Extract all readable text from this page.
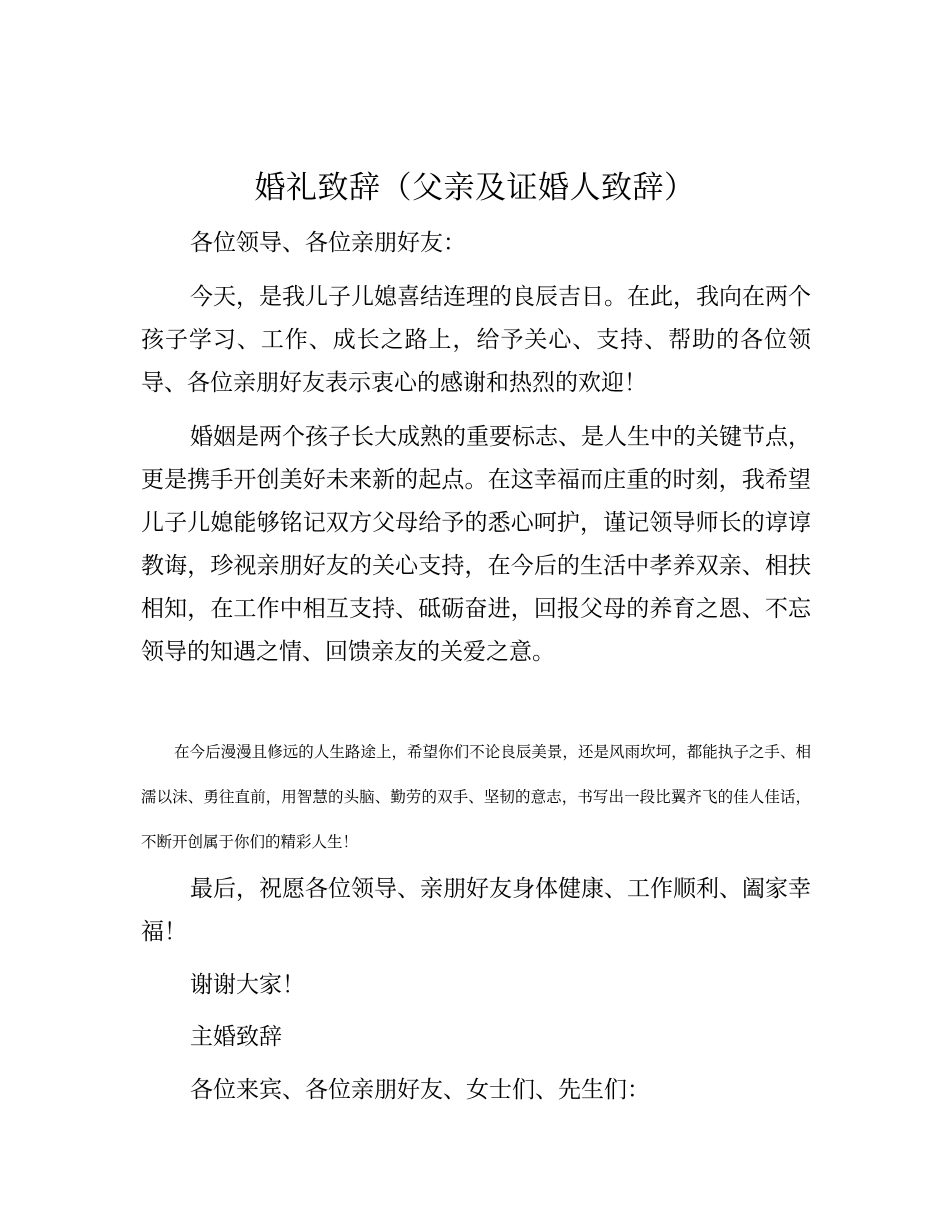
婚礼致辞（父亲及证婚人致辞）

各位领导、各位亲朋好友：

今天，是我儿子儿媳喜结连理的良辰吉日。在此，我向在两个孩子学习、工作、成长之路上，给予关心、支持、帮助的各位领导、各位亲朋好友表示衷心的感谢和热烈的欢迎！

婚姻是两个孩子长大成熟的重要标志、是人生中的关键节点，更是携手开创美好未来新的起点。在这幸福而庄重的时刻，我希望儿子儿媳能够铭记双方父母给予的悉心呵护，谨记领导师长的谆谆教诲，珍视亲朋好友的关心支持，在今后的生活中孝养双亲、相扶相知，在工作中相互支持、砥砺奋进，回报父母的养育之恩、不忘领导的知遇之情、回馈亲友的关爱之意。

在今后漫漫且修远的人生路途上，希望你们不论良辰美景，还是风雨坎坷，都能执子之手、相濡以沫、勇往直前，用智慧的头脑、勤劳的双手、坚韧的意志，书写出一段比翼齐飞的佳人佳话，不断开创属于你们的精彩人生！

最后，祝愿各位领导、亲朋好友身体健康、工作顺利、阖家幸福！

谢谢大家！

主婚致辞

各位来宾、各位亲朋好友、女士们、先生们：
